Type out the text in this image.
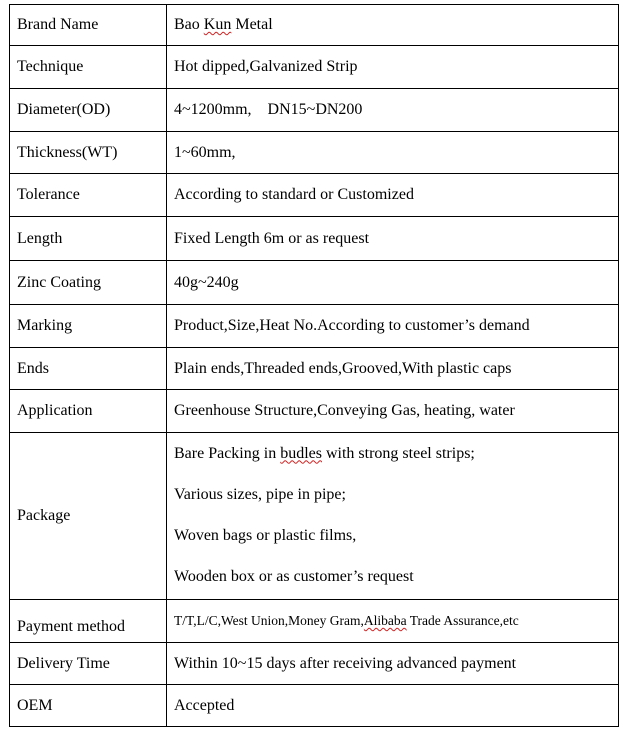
Brand Name	Bao Kun Metal
Technique	Hot dipped,Galvanized Strip
Diameter(OD)	4~1200mm,    DN15~DN200
Thickness(WT)	1~60mm,
Tolerance	According to standard or Customized
Length	Fixed Length 6m or as request
Zinc Coating	40g~240g
Marking	Product,Size,Heat No.According to customer’s demand
Ends	Plain ends,Threaded ends,Grooved,With plastic caps
Application	Greenhouse Structure,Conveying Gas, heating, water
Package	Bare Packing in budles with strong steel strips;
Various sizes, pipe in pipe;
Woven bags or plastic films,
Wooden box or as customer’s request

Payment method	T/T,L/C,West Union,Money Gram,Alibaba Trade Assurance,etc
Delivery Time	Within 10~15 days after receiving advanced payment
OEM	Accepted
